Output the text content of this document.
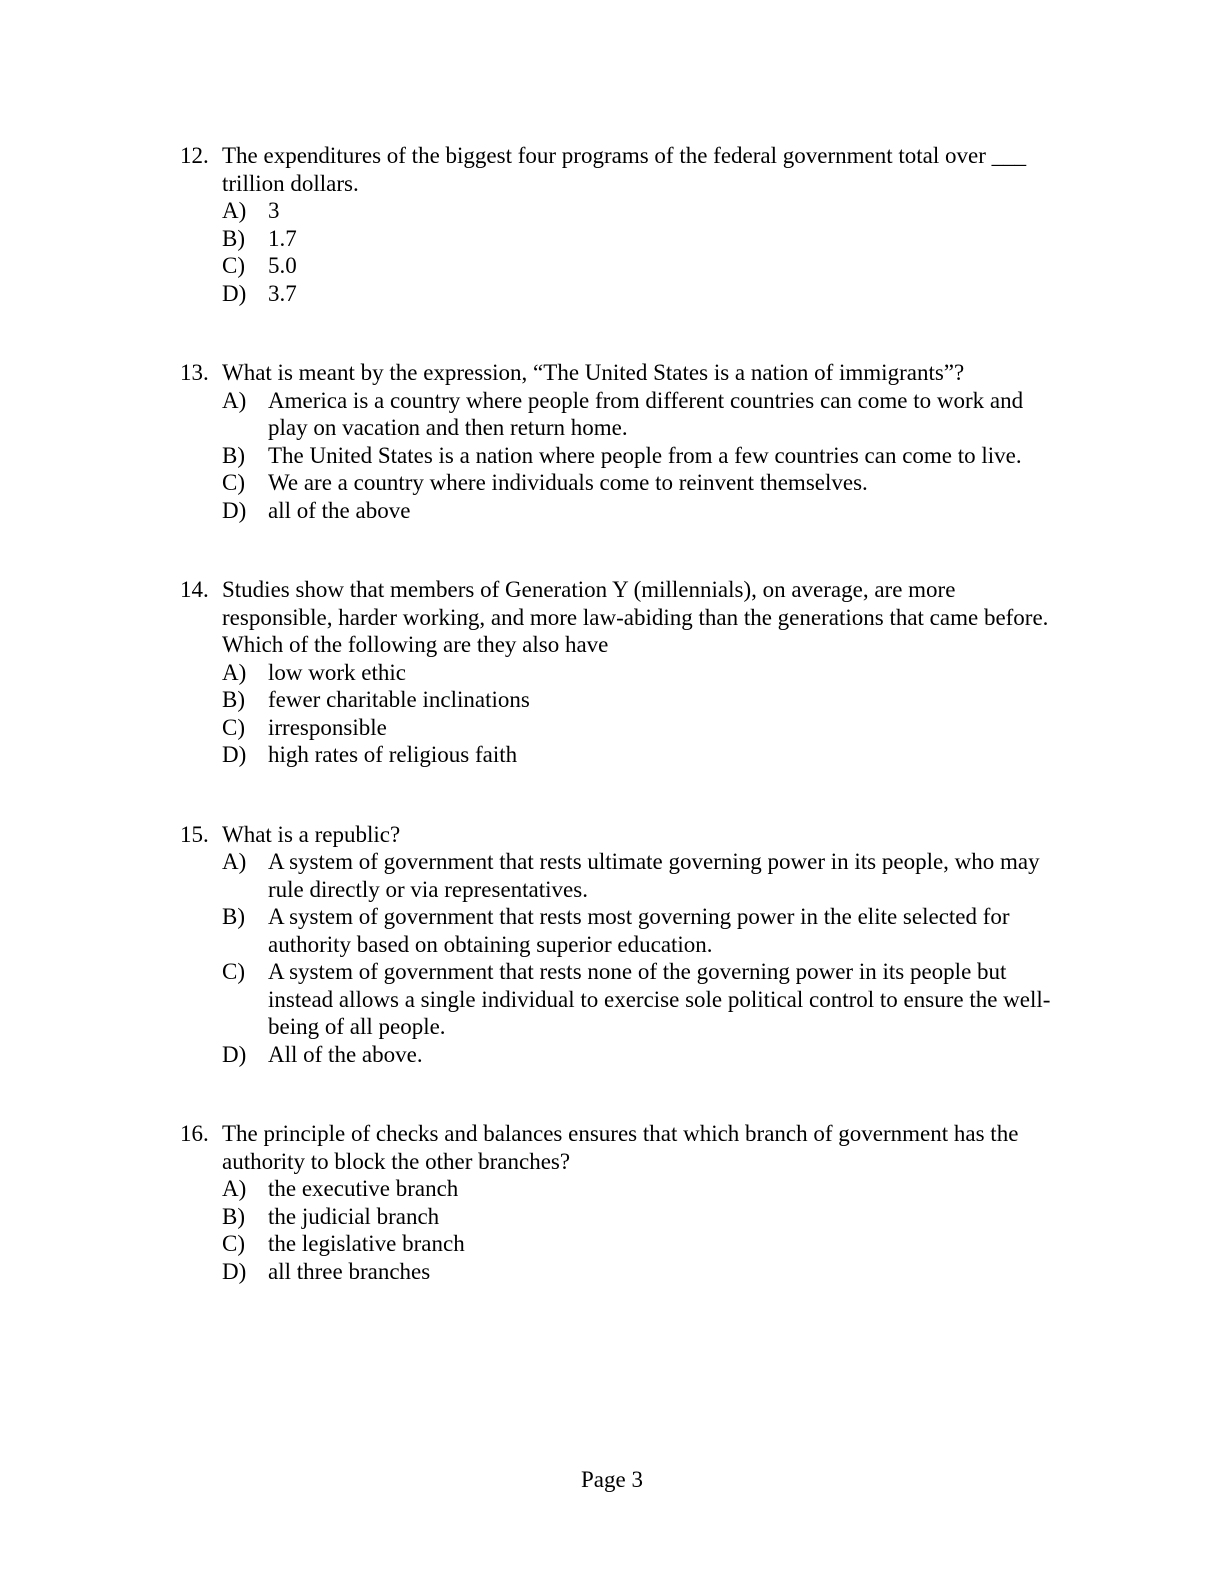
12. The expenditures of the biggest four programs of the federal government total over ___ trillion dollars.
A) 3
B)	1.7
C)	5.0
D) 3.7
13. What is meant by the expression, “The United States is a nation of immigrants”?
A) America is a country where people from different countries can come to work and play on vacation and then return home.
B)	The United States is a nation where people from a few countries can come to live.
C)	We are a country where individuals come to reinvent themselves.
D) all of the above
14. Studies show that members of Generation Y (millennials), on average, are more responsible, harder working, and more law-abiding than the generations that came before. Which of the following are they also have
A) low work ethic
B)	fewer charitable inclinations
C)	irresponsible
D) high rates of religious faith
15. What is a republic?
A) A system of government that rests ultimate governing power in its people, who may rule directly or via representatives.
B)	A system of government that rests most governing power in the elite selected for authority based on obtaining superior education.
C)	A system of government that rests none of the governing power in its people but instead allows a single individual to exercise sole political control to ensure the well-being of all people.
D) All of the above.
16. The principle of checks and balances ensures that which branch of government has the authority to block the other branches?
A) the executive branch
B)	the judicial branch
C)	the legislative branch
D) all three branches
Page 3
